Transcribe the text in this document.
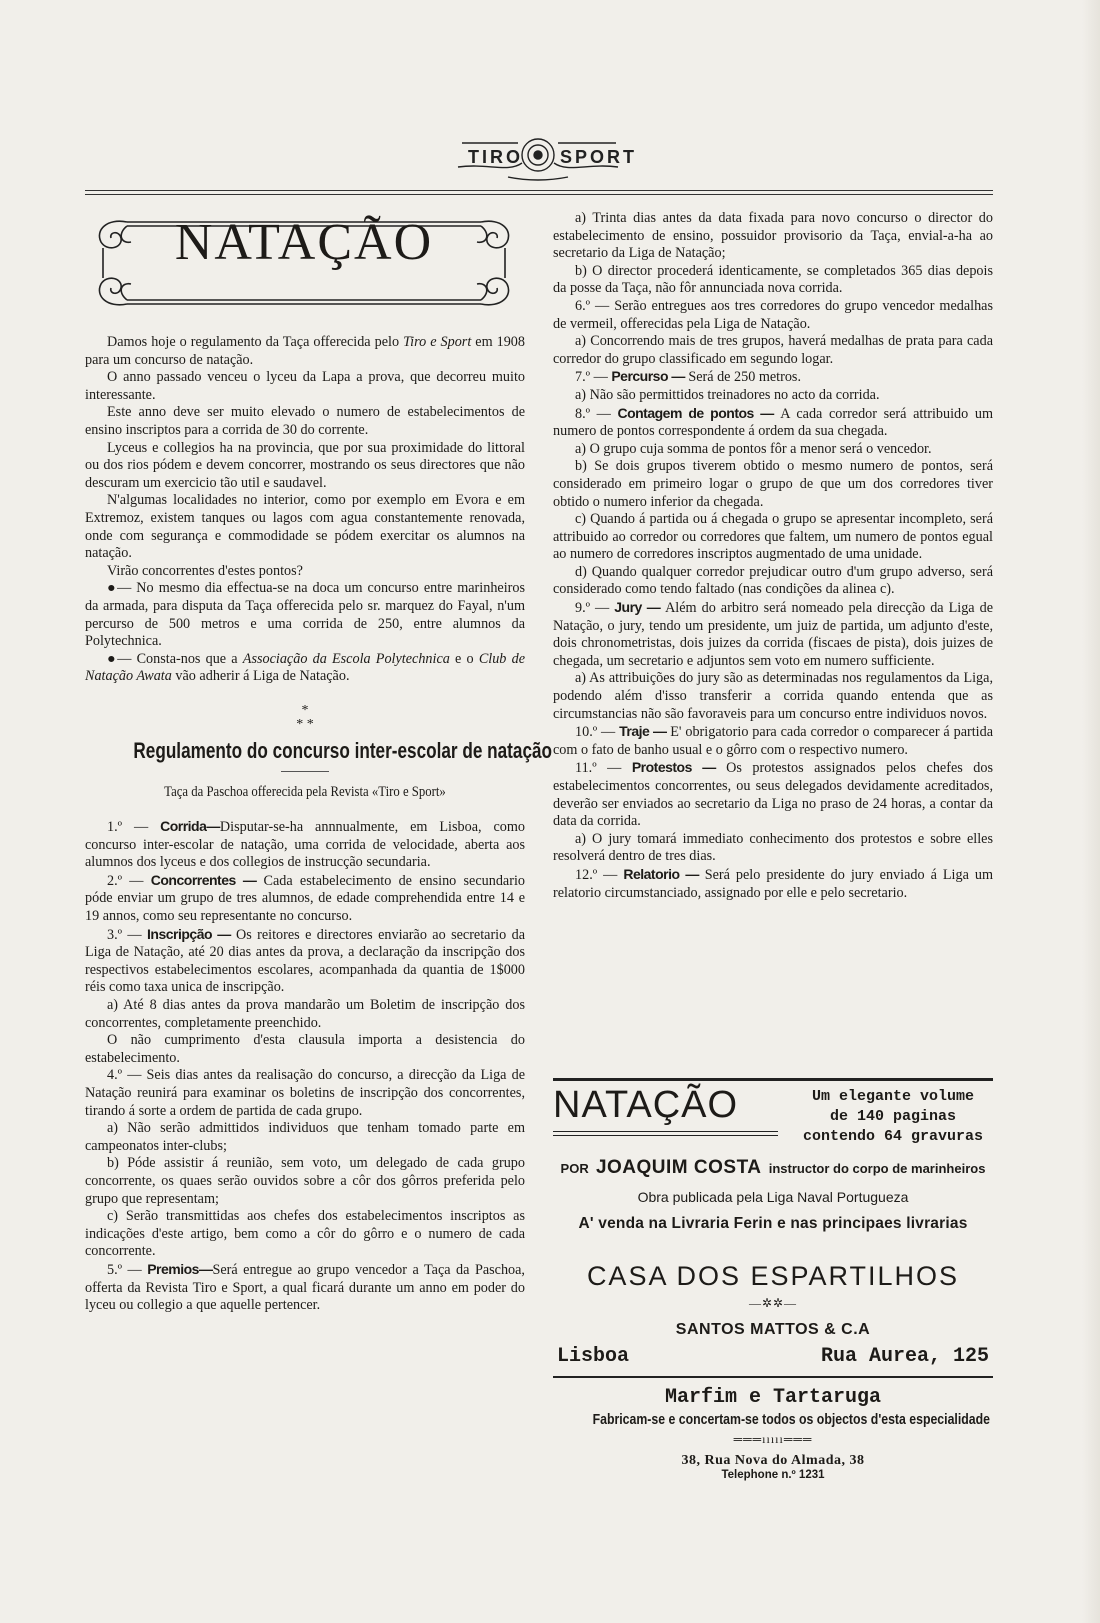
TIRO SPORT
NATAÇÃO

Damos hoje o regulamento da Taça offerecida pelo Tiro e Sport em 1908 para um concurso de natação.

O anno passado venceu o lyceu da Lapa a prova, que decorreu muito interessante.

Este anno deve ser muito elevado o numero de estabelecimentos de ensino inscriptos para a corrida de 30 do corrente.

Lyceus e collegios ha na provincia, que por sua proximidade do littoral ou dos rios pódem e devem concorrer, mostrando os seus directores que não descuram um exercicio tão util e saudavel.

N'algumas localidades no interior, como por exemplo em Evora e em Extremoz, existem tanques ou lagos com agua constantemente renovada, onde com segurança e commodidade se pódem exercitar os alumnos na natação.

Virão concorrentes d'estes pontos?

●— No mesmo dia effectua-se na doca um concurso entre marinheiros da armada, para disputa da Taça offerecida pelo sr. marquez do Fayal, n'um percurso de 500 metros e uma corrida de 250, entre alumnos da Polytechnica.

●— Consta-nos que a Associação da Escola Polytechnica e o Club de Natação Awata vão adherir á Liga de Natação.

*
* *
Regulamento do concurso inter-escolar de natação
Taça da Paschoa offerecida pela Revista «Tiro e Sport»

1.º — Corrida—Disputar-se-ha annnualmente, em Lisboa, como concurso inter-escolar de natação, uma corrida de velocidade, aberta aos alumnos dos lyceus e dos collegios de instrucção secundaria.

2.º — Concorrentes — Cada estabelecimento de ensino secundario póde enviar um grupo de tres alumnos, de edade comprehendida entre 14 e 19 annos, como seu representante no concurso.

3.º — Inscripção — Os reitores e directores enviarão ao secretario da Liga de Natação, até 20 dias antes da prova, a declaração da inscripção dos respectivos estabelecimentos escolares, acompanhada da quantia de 1$000 réis como taxa unica de inscripção.

a) Até 8 dias antes da prova mandarão um Boletim de inscripção dos concorrentes, completamente preenchido.

O não cumprimento d'esta clausula importa a desistencia do estabelecimento.

4.º — Seis dias antes da realisação do concurso, a direcção da Liga de Natação reunirá para examinar os boletins de inscripção dos concorrentes, tirando á sorte a ordem de partida de cada grupo.

a) Não serão admittidos individuos que tenham tomado parte em campeonatos inter-clubs;

b) Póde assistir á reunião, sem voto, um delegado de cada grupo concorrente, os quaes serão ouvidos sobre a côr dos gôrros preferida pelo grupo que representam;

c) Serão transmittidas aos chefes dos estabelecimentos inscriptos as indicações d'este artigo, bem como a côr do gôrro e o numero de cada concorrente.

5.º — Premios—Será entregue ao grupo vencedor a Taça da Paschoa, offerta da Revista Tiro e Sport, a qual ficará durante um anno em poder do lyceu ou collegio a que aquelle pertencer.

a) Trinta dias antes da data fixada para novo concurso o director do estabelecimento de ensino, possuidor provisorio da Taça, envial-a-ha ao secretario da Liga de Natação;

b) O director procederá identicamente, se completados 365 dias depois da posse da Taça, não fôr annunciada nova corrida.

6.º — Serão entregues aos tres corredores do grupo vencedor medalhas de vermeil, offerecidas pela Liga de Natação.

a) Concorrendo mais de tres grupos, haverá medalhas de prata para cada corredor do grupo classificado em segundo logar.

7.º — Percurso — Será de 250 metros.

a) Não são permittidos treinadores no acto da corrida.

8.º — Contagem de pontos — A cada corredor será attribuido um numero de pontos correspondente á ordem da sua chegada.

a) O grupo cuja somma de pontos fôr a menor será o vencedor.

b) Se dois grupos tiverem obtido o mesmo numero de pontos, será considerado em primeiro logar o grupo de que um dos corredores tiver obtido o numero inferior da chegada.

c) Quando á partida ou á chegada o grupo se apresentar incompleto, será attribuido ao corredor ou corredores que faltem, um numero de pontos egual ao numero de corredores inscriptos augmentado de uma unidade.

d) Quando qualquer corredor prejudicar outro d'um grupo adverso, será considerado como tendo faltado (nas condições da alinea c).

9.º — Jury — Além do arbitro será nomeado pela direcção da Liga de Natação, o jury, tendo um presidente, um juiz de partida, um adjunto d'este, dois chronometristas, dois juizes da corrida (fiscaes de pista), dois juizes de chegada, um secretario e adjuntos sem voto em numero sufficiente.

a) As attribuições do jury são as determinadas nos regulamentos da Liga, podendo além d'isso transferir a corrida quando entenda que as circumstancias não são favoraveis para um concurso entre individuos novos.

10.º — Traje — E' obrigatorio para cada corredor o comparecer á partida com o fato de banho usual e o gôrro com o respectivo numero.

11.º — Protestos — Os protestos assignados pelos chefes dos estabelecimentos concorrentes, ou seus delegados devidamente acreditados, deverão ser enviados ao secretario da Liga no praso de 24 horas, a contar da data da corrida.

a) O jury tomará immediato conhecimento dos protestos e sobre elles resolverá dentro de tres dias.

12.º — Relatorio — Será pelo presidente do jury enviado á Liga um relatorio circumstanciado, assignado por elle e pelo secretario.

NATAÇÃO	Um elegante volume
de 140 paginas
contendo 64 gravuras
POR JOAQUIM COSTA instructor do corpo de marinheiros
Obra publicada pela Liga Naval Portugueza
A' venda na Livraria Ferin e nas principaes livrarias
CASA DOS ESPARTILHOS
—✲✲—
SANTOS MATTOS & C.A
Lisboa	Rua Aurea, 125
Marfim e Tartaruga
Fabricam-se e concertam-se todos os objectos d'esta especialidade
═══ııııı═══
38, Rua Nova do Almada, 38
Telephone n.º 1231
